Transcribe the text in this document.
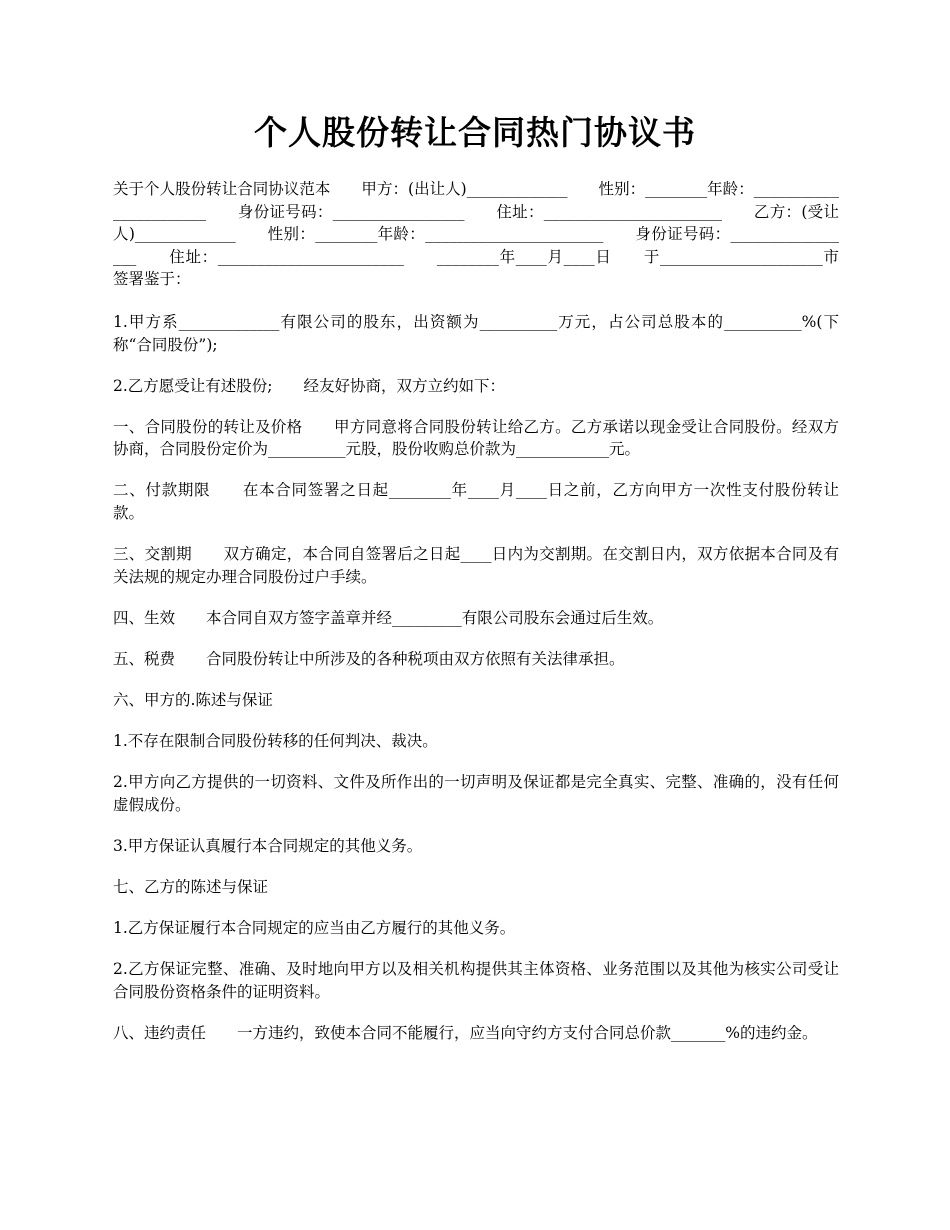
个人股份转让合同热门协议书

关于个人股份转让合同协议范本　　甲方：(出让人)_____________　　性别：________年龄：_______________________　　身份证号码：_________________　　住址：_______________________　　乙方：(受让人)_____________　　性别：________年龄：_______________________　　身份证号码：_________________　　住址：________________________　　________年____月____日　　于_____________________市签署鉴于：

1.甲方系_____________有限公司的股东，出资额为__________万元，占公司总股本的__________%(下称“合同股份”);

2.乙方愿受让有述股份;　　经友好协商，双方立约如下：

一、合同股份的转让及价格　　甲方同意将合同股份转让给乙方。乙方承诺以现金受让合同股份。经双方协商，合同股份定价为__________元股，股份收购总价款为____________元。

二、付款期限　　在本合同签署之日起________年____月____日之前，乙方向甲方一次性支付股份转让款。

三、交割期　　双方确定，本合同自签署后之日起____日内为交割期。在交割日内，双方依据本合同及有关法规的规定办理合同股份过户手续。

四、生效　　本合同自双方签字盖章并经_________有限公司股东会通过后生效。

五、税费　　合同股份转让中所涉及的各种税项由双方依照有关法律承担。

六、甲方的.陈述与保证

1.不存在限制合同股份转移的任何判决、裁决。

2.甲方向乙方提供的一切资料、文件及所作出的一切声明及保证都是完全真实、完整、准确的，没有任何虚假成份。

3.甲方保证认真履行本合同规定的其他义务。

七、乙方的陈述与保证

1.乙方保证履行本合同规定的应当由乙方履行的其他义务。

2.乙方保证完整、准确、及时地向甲方以及相关机构提供其主体资格、业务范围以及其他为核实公司受让合同股份资格条件的证明资料。

八、违约责任　　一方违约，致使本合同不能履行，应当向守约方支付合同总价款_______%的违约金。
